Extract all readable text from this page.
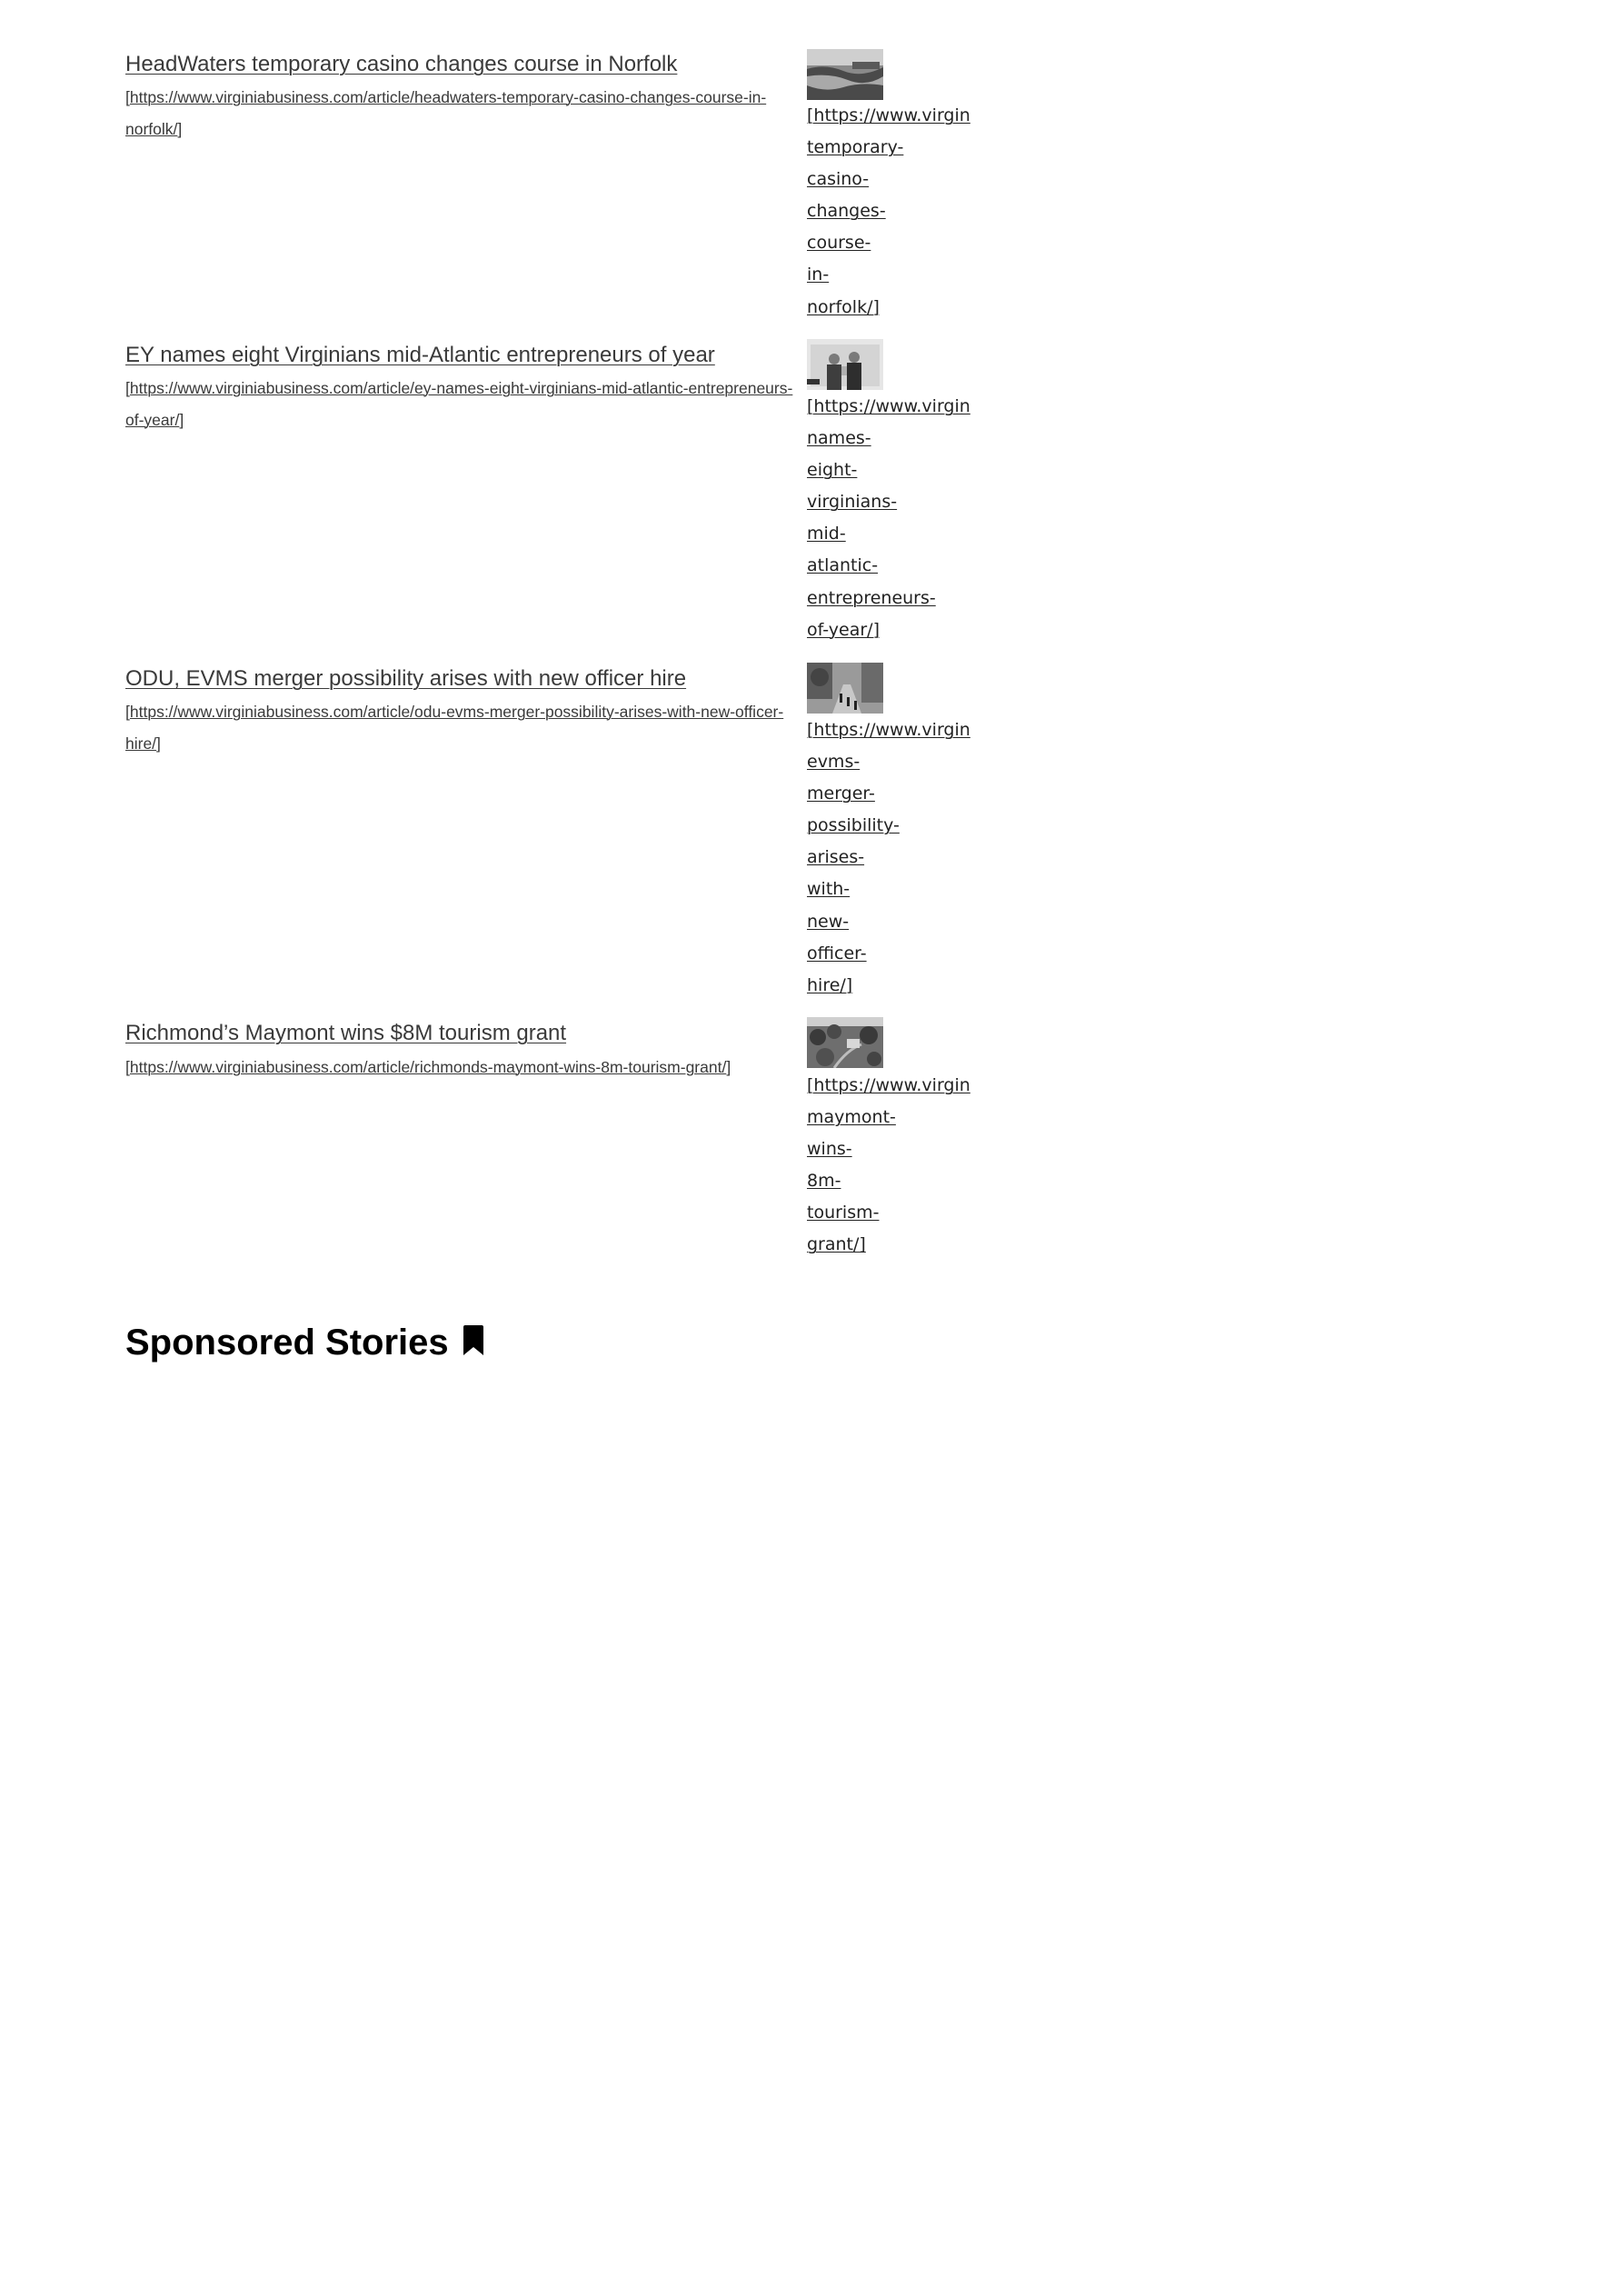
HeadWaters temporary casino changes course in Norfolk
[https://www.virginiabusiness.com/article/headwaters-temporary-casino-changes-course-in-norfolk/]
[https://www.virgin
temporary-
casino-
changes-
course-
in-
norfolk/]
EY names eight Virginians mid-Atlantic entrepreneurs of year
[https://www.virginiabusiness.com/article/ey-names-eight-virginians-mid-atlantic-entrepreneurs-of-year/]
[https://www.virgin
names-
eight-
virginians-
mid-
atlantic-
entrepreneurs-
of-year/]
ODU, EVMS merger possibility arises with new officer hire
[https://www.virginiabusiness.com/article/odu-evms-merger-possibility-arises-with-new-officer-hire/]
[https://www.virgin
evms-
merger-
possibility-
arises-
with-
new-
officer-
hire/]
Richmond’s Maymont wins $8M tourism grant
[https://www.virginiabusiness.com/article/richmonds-maymont-wins-8m-tourism-grant/]
[https://www.virgin
maymont-
wins-
8m-
tourism-
grant/]
Sponsored Stories
